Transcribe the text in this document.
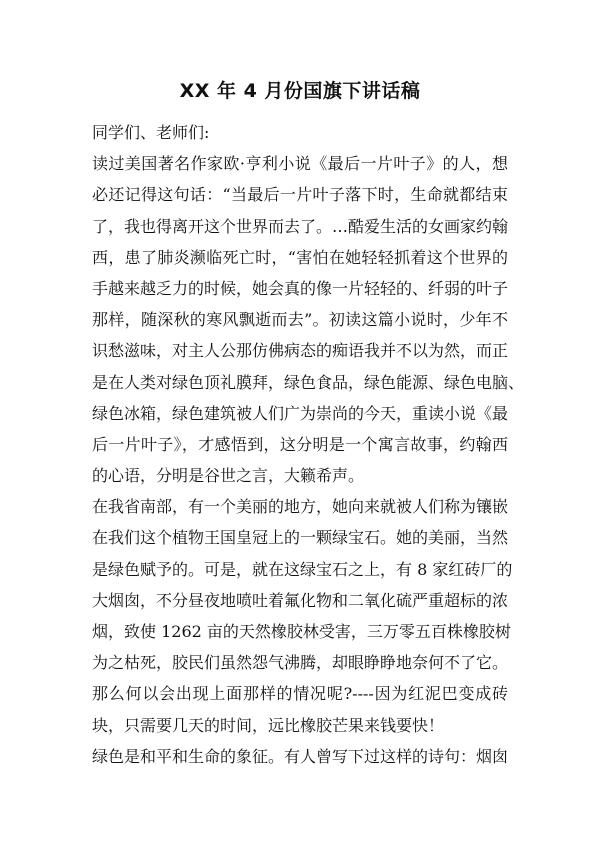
XX 年 4 月份国旗下讲话稿

同学们、老师们:

读过美国著名作家欧·亨利小说《最后一片叶子》的人，想
必还记得这句话：“当最后一片叶子落下时，生命就都结束
了，我也得离开这个世界而去了。…酷爱生活的女画家约翰
西，患了肺炎濒临死亡时，“害怕在她轻轻抓着这个世界的
手越来越乏力的时候，她会真的像一片轻轻的、纤弱的叶子
那样，随深秋的寒风飘逝而去”。初读这篇小说时，少年不
识愁滋味，对主人公那仿佛病态的痴语我并不以为然，而正
是在人类对绿色顶礼膜拜，绿色食品，绿色能源、绿色电脑、
绿色冰箱，绿色建筑被人们广为崇尚的今天，重读小说《最
后一片叶子》，才感悟到，这分明是一个寓言故事，约翰西
的心语，分明是谷世之言，大籁希声。

在我省南部，有一个美丽的地方，她向来就被人们称为镶嵌
在我们这个植物王国皇冠上的一颗绿宝石。她的美丽，当然
是绿色赋予的。可是，就在这绿宝石之上，有 8 家红砖厂的
大烟囱，不分昼夜地喷吐着氟化物和二氧化硫严重超标的浓
烟，致使 1262 亩的天然橡胶林受害，三万零五百株橡胶树
为之枯死，胶民们虽然怨气沸腾，却眼睁睁地奈何不了它。

那么何以会出现上面那样的情况呢?----因为红泥巴变成砖
块，只需要几天的时间，远比橡胶芒果来钱要快！

绿色是和平和生命的象征。有人曾写下过这样的诗句：烟囱
